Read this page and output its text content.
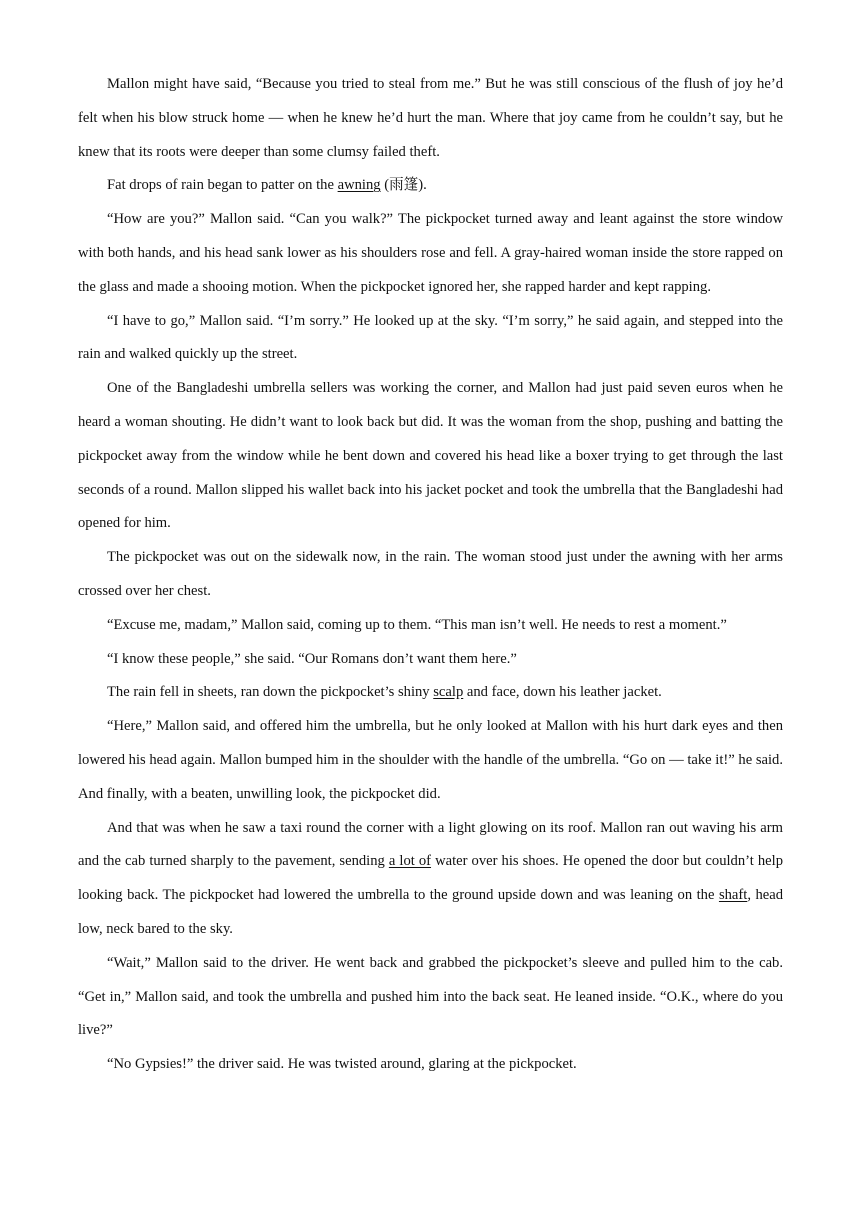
Mallon might have said, “Because you tried to steal from me.” But he was still conscious of the flush of joy he’d felt when his blow struck home — when he knew he’d hurt the man. Where that joy came from he couldn’t say, but he knew that its roots were deeper than some clumsy failed theft.

Fat drops of rain began to patter on the awning (雨篷).

“How are you?” Mallon said. “Can you walk?” The pickpocket turned away and leant against the store window with both hands, and his head sank lower as his shoulders rose and fell. A gray-haired woman inside the store rapped on the glass and made a shooing motion. When the pickpocket ignored her, she rapped harder and kept rapping.

“I have to go,” Mallon said. “I’m sorry.” He looked up at the sky. “I’m sorry,” he said again, and stepped into the rain and walked quickly up the street.

One of the Bangladeshi umbrella sellers was working the corner, and Mallon had just paid seven euros when he heard a woman shouting. He didn’t want to look back but did. It was the woman from the shop, pushing and batting the pickpocket away from the window while he bent down and covered his head like a boxer trying to get through the last seconds of a round. Mallon slipped his wallet back into his jacket pocket and took the umbrella that the Bangladeshi had opened for him.

The pickpocket was out on the sidewalk now, in the rain. The woman stood just under the awning with her arms crossed over her chest.

“Excuse me, madam,” Mallon said, coming up to them. “This man isn’t well. He needs to rest a moment.”

“I know these people,” she said. “Our Romans don’t want them here.”

The rain fell in sheets, ran down the pickpocket’s shiny scalp and face, down his leather jacket.

“Here,” Mallon said, and offered him the umbrella, but he only looked at Mallon with his hurt dark eyes and then lowered his head again. Mallon bumped him in the shoulder with the handle of the umbrella. “Go on — take it!” he said. And finally, with a beaten, unwilling look, the pickpocket did.

And that was when he saw a taxi round the corner with a light glowing on its roof. Mallon ran out waving his arm and the cab turned sharply to the pavement, sending a lot of water over his shoes. He opened the door but couldn’t help looking back. The pickpocket had lowered the umbrella to the ground upside down and was leaning on the shaft, head low, neck bared to the sky.

“Wait,” Mallon said to the driver. He went back and grabbed the pickpocket’s sleeve and pulled him to the cab. “Get in,” Mallon said, and took the umbrella and pushed him into the back seat. He leaned inside. “O.K., where do you live?”

“No Gypsies!” the driver said. He was twisted around, glaring at the pickpocket.
